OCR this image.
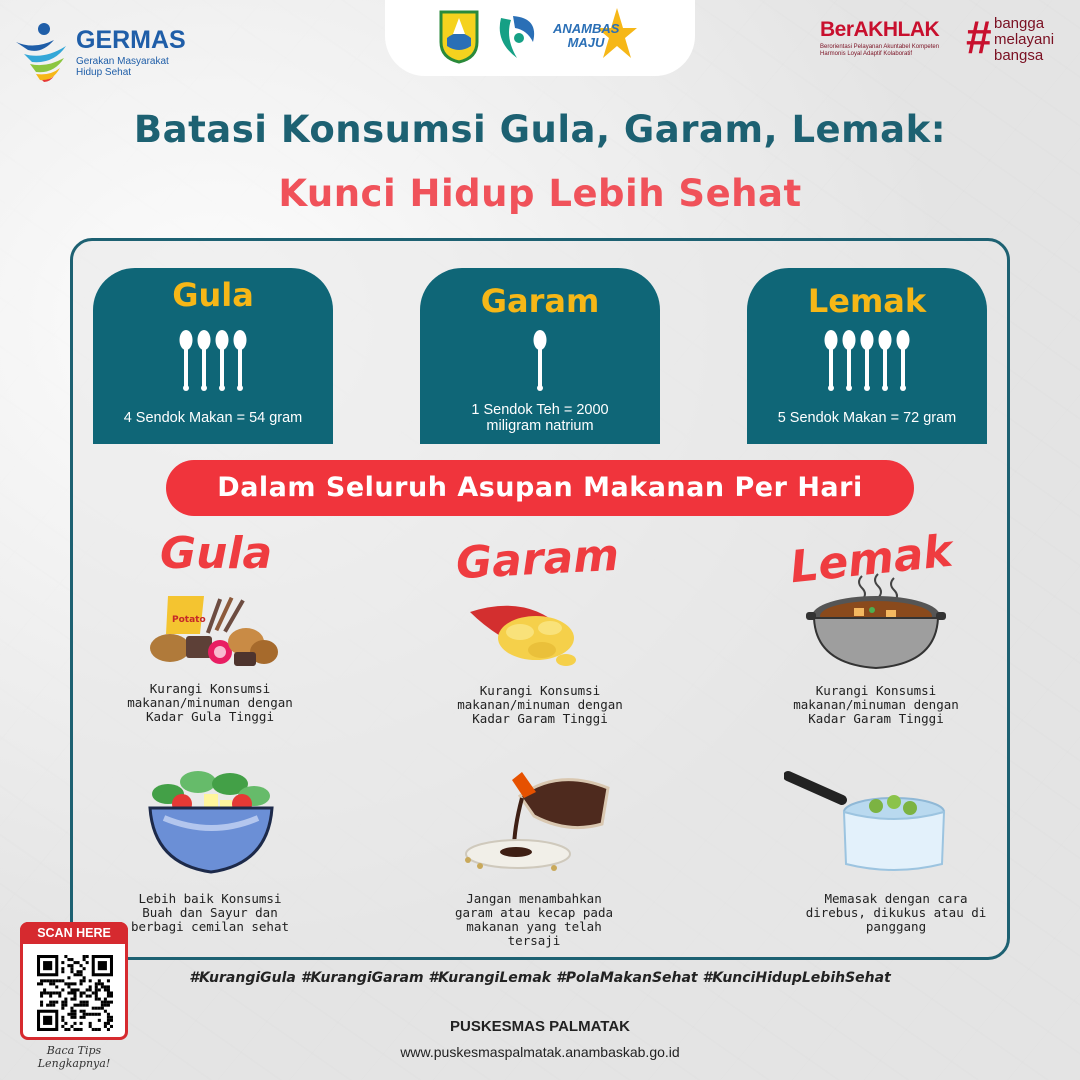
GERMAS
Gerakan Masyarakat
Hidup Sehat
ANAMBAS
MAJU
BerAKHLAK
Berorientasi Pelayanan Akuntabel Kompeten
Harmonis Loyal Adaptif Kolaboratif	# bangga
melayani
bangsa
Batasi Konsumsi Gula, Garam, Lemak:
Kunci Hidup Lebih Sehat
Gula
4 Sendok Makan = 54 gram
Garam
1 Sendok Teh = 2000
miligram natrium
Lemak
5 Sendok Makan = 72 gram
Dalam Seluruh Asupan Makanan Per Hari
Gula	Garam	Lemak
Potato
Kurangi Konsumsi
makanan/minuman dengan
Kadar Gula Tinggi
Kurangi Konsumsi
makanan/minuman dengan
Kadar Garam Tinggi
Kurangi Konsumsi
makanan/minuman dengan
Kadar Garam Tinggi
Lebih baik Konsumsi
Buah dan Sayur dan
berbagi cemilan sehat
Jangan menambahkan
garam atau kecap pada
makanan yang telah
tersaji
Memasak dengan cara
direbus, dikukus atau di
panggang
#KurangiGula #KurangiGaram #KurangiLemak #PolaMakanSehat #KunciHidupLebihSehat
PUSKESMAS PALMATAK
www.puskesmaspalmatak.anambaskab.go.id
SCAN HERE
Baca Tips Lengkapnya!
